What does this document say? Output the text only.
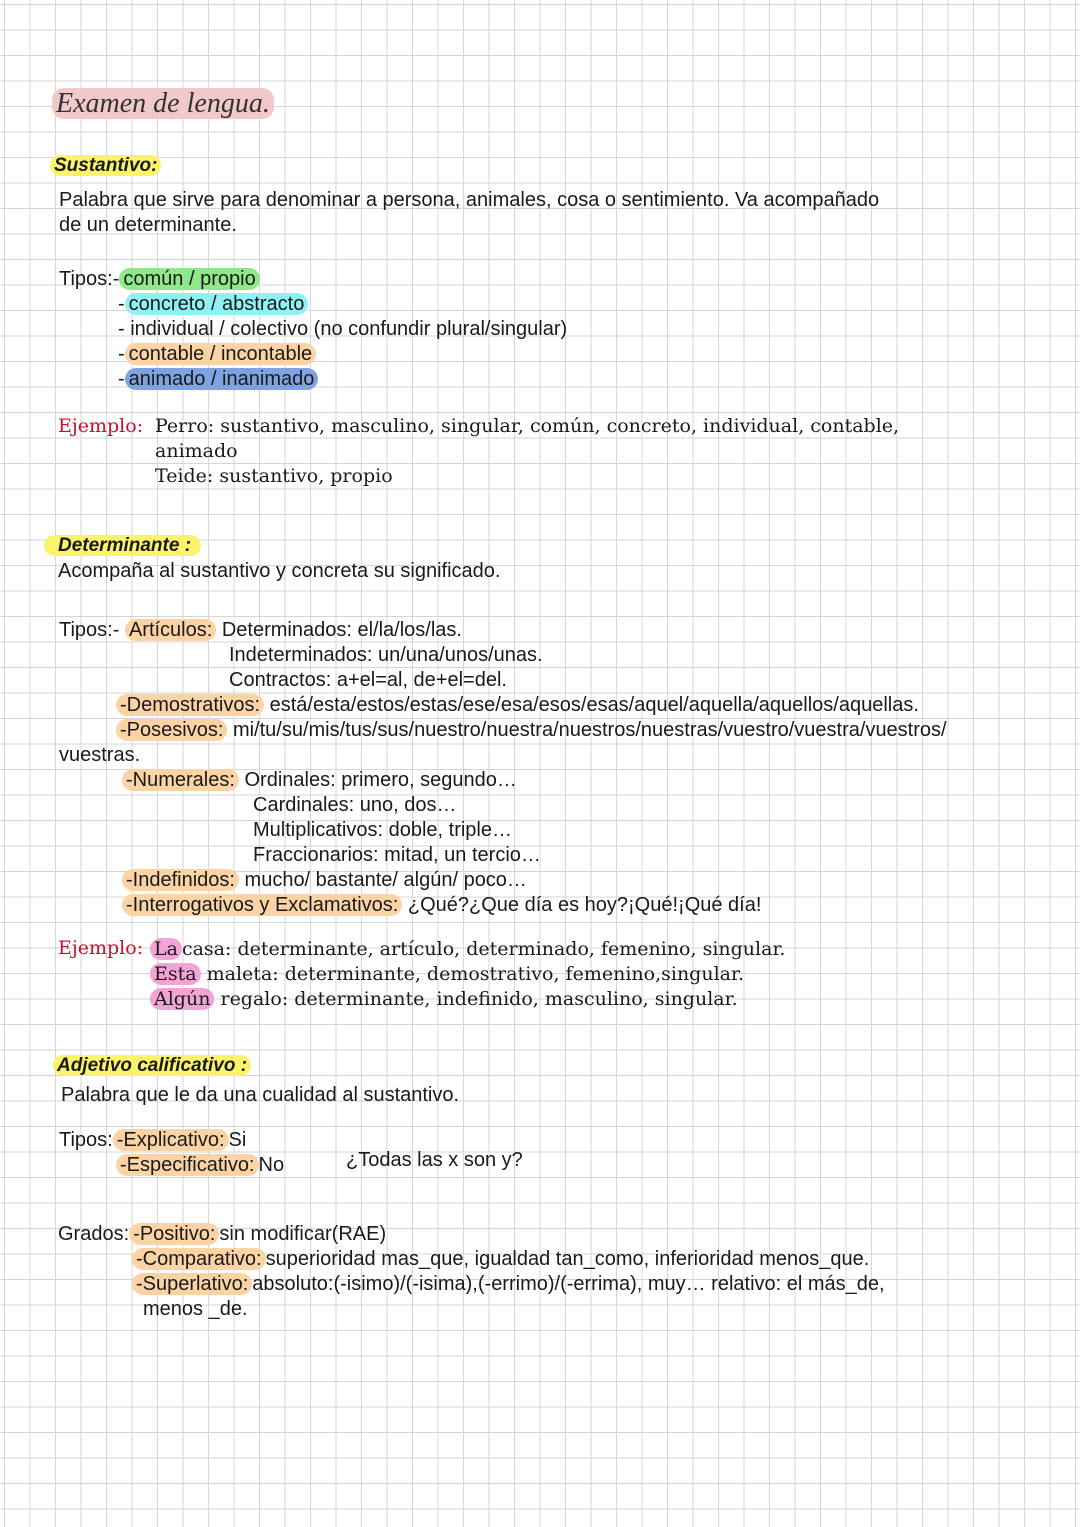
Examen de lengua.
Sustantivo:
Palabra que sirve para denominar a persona, animales, cosa o sentimiento. Va acompañado
de un determinante.
Tipos:- común / propio
- concreto / abstracto
- individual / colectivo (no confundir plural/singular)
- contable / incontable
- animado / inanimado
Ejemplo: Perro: sustantivo, masculino, singular, común, concreto, individual, contable,
animado
Teide: sustantivo, propio
Determinante :
Acompaña al sustantivo y concreta su significado.
Tipos:- Artículos: Determinados: el/la/los/las.
Indeterminados: un/una/unos/unas.
Contractos: a+el=al, de+el=del.
-Demostrativos: está/esta/estos/estas/ese/esa/esos/esas/aquel/aquella/aquellos/aquellas.
-Posesivos: mi/tu/su/mis/tus/sus/nuestro/nuestra/nuestros/nuestras/vuestro/vuestra/vuestros/
vuestras.
-Numerales: Ordinales: primero, segundo…
Cardinales: uno, dos…
Multiplicativos: doble, triple…
Fraccionarios: mitad, un tercio…
-Indefinidos: mucho/ bastante/ algún/ poco…
-Interrogativos y Exclamativos: ¿Qué?¿Que día es hoy?¡Qué!¡Qué día!
Ejemplo: La casa: determinante, artículo, determinado, femenino, singular.
Esta maleta: determinante, demostrativo, femenino,singular.
Algún regalo: determinante, indefinido, masculino, singular.
Adjetivo calificativo :
Palabra que le da una cualidad al sustantivo.
Tipos: -Explicativo: Si
-Especificativo: No	¿Todas las x son y?
Grados: -Positivo: sin modificar(RAE)
-Comparativo: superioridad mas_que, igualdad tan_como, inferioridad menos_que.
-Superlativo: absoluto:(-isimo)/(-isima),(-errimo)/(-errima), muy… relativo: el más_de,
menos _de.
